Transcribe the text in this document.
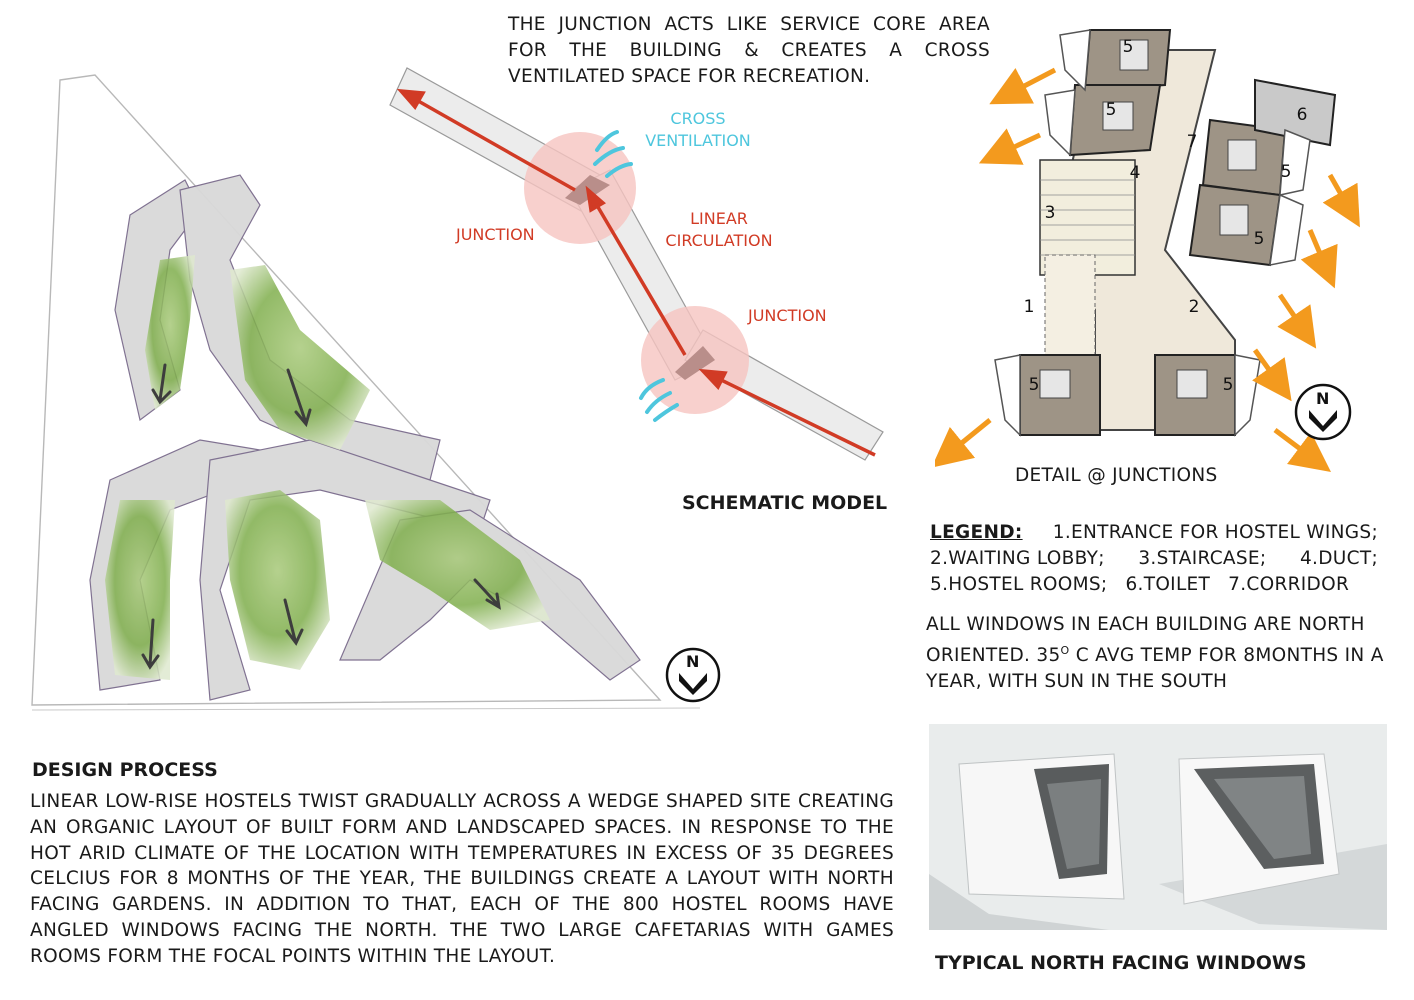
N
THE JUNCTION ACTS LIKE SERVICE CORE AREA FOR THE BUILDING & CREATES A CROSS VENTILATED SPACE FOR RECREATION.
CROSS
VENTILATION
JUNCTION
LINEAR
CIRCULATION
JUNCTION
SCHEMATIC MODEL
5
5	6
7
4
3
5
5
1	2
5	5
N
DETAIL @ JUNCTIONS
LEGEND: 1.ENTRANCE FOR HOSTEL WINGS;
2.WAITING LOBBY; 3.STAIRCASE; 4.DUCT;
5.HOSTEL ROOMS; 6.TOILET 7.CORRIDOR
ALL WINDOWS IN EACH BUILDING ARE NORTH ORIENTED. $35^O$ C AVG TEMP FOR 8MONTHS IN A YEAR, WITH SUN IN THE SOUTH
DESIGN PROCESS
LINEAR LOW-RISE HOSTELS TWIST GRADUALLY ACROSS A WEDGE SHAPED SITE CREATING AN ORGANIC LAYOUT OF BUILT FORM AND LANDSCAPED SPACES. IN RESPONSE TO THE HOT ARID CLIMATE OF THE LOCATION WITH TEMPERATURES IN EXCESS OF 35 DEGREES CELCIUS FOR 8 MONTHS OF THE YEAR, THE BUILDINGS CREATE A LAYOUT WITH NORTH FACING GARDENS. IN ADDITION TO THAT, EACH OF THE 800 HOSTEL ROOMS HAVE ANGLED WINDOWS FACING THE NORTH. THE TWO LARGE CAFETARIAS WITH GAMES ROOMS FORM THE FOCAL POINTS WITHIN THE LAYOUT.	TYPICAL NORTH FACING WINDOWS
